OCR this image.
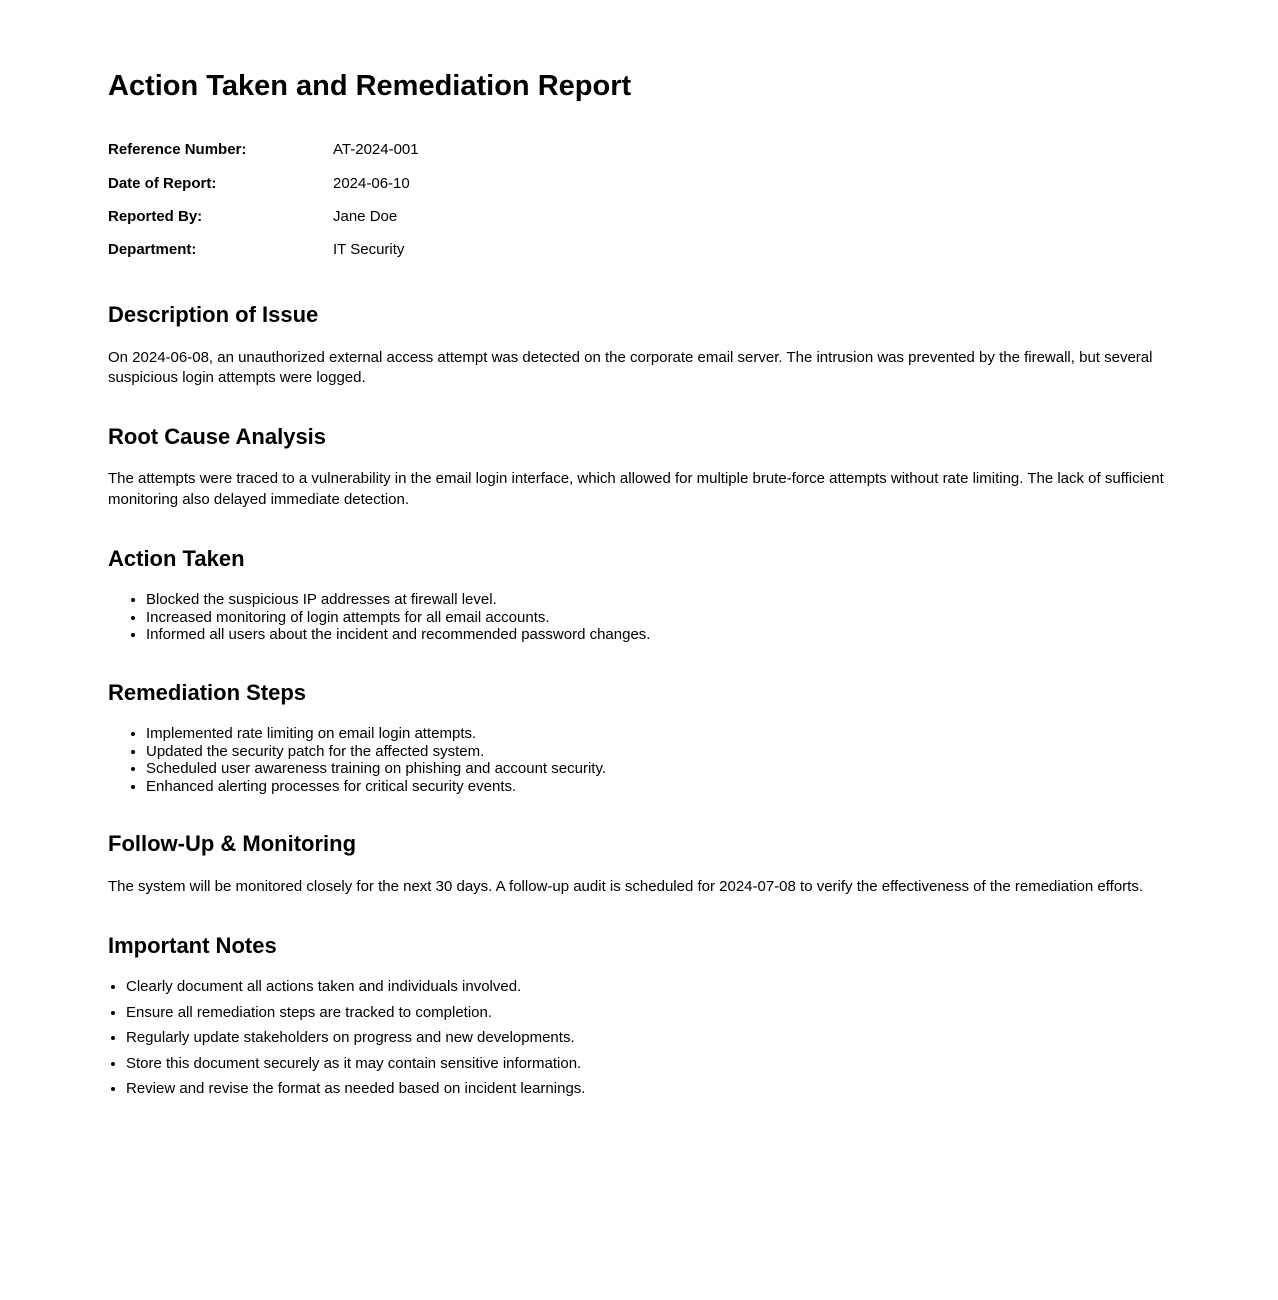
Action Taken and Remediation Report
Reference Number:	AT-2024-001
Date of Report:	2024-06-10
Reported By:	Jane Doe
Department:	IT Security
Description of Issue

On 2024-06-08, an unauthorized external access attempt was detected on the corporate email server. The intrusion was prevented by the firewall, but several suspicious login attempts were logged.

Root Cause Analysis

The attempts were traced to a vulnerability in the email login interface, which allowed for multiple brute-force attempts without rate limiting. The lack of sufficient monitoring also delayed immediate detection.

Action Taken
• Blocked the suspicious IP addresses at firewall level.
• Increased monitoring of login attempts for all email accounts.
• Informed all users about the incident and recommended password changes.
Remediation Steps
• Implemented rate limiting on email login attempts.
• Updated the security patch for the affected system.
• Scheduled user awareness training on phishing and account security.
• Enhanced alerting processes for critical security events.
Follow-Up & Monitoring

The system will be monitored closely for the next 30 days. A follow-up audit is scheduled for 2024-07-08 to verify the effectiveness of the remediation efforts.

Important Notes
• Clearly document all actions taken and individuals involved.
• Ensure all remediation steps are tracked to completion.
• Regularly update stakeholders on progress and new developments.
• Store this document securely as it may contain sensitive information.
• Review and revise the format as needed based on incident learnings.
